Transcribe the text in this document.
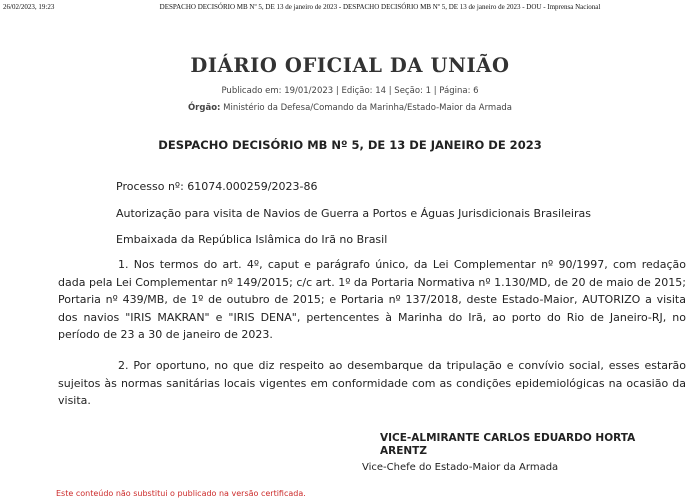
26/02/2023, 19:23	DESPACHO DECISÓRIO MB Nº 5, DE 13 de janeiro de 2023 - DESPACHO DECISÓRIO MB Nº 5, DE 13 de janeiro de 2023 - DOU - Imprensa Nacional
DIÁRIO OFICIAL DA UNIÃO
Publicado em: 19/01/2023 | Edição: 14 | Seção: 1 | Página: 6
Órgão: Ministério da Defesa/Comando da Marinha/Estado-Maior da Armada
DESPACHO DECISÓRIO MB Nº 5, DE 13 DE JANEIRO DE 2023
Processo nº: 61074.000259/2023-86
Autorização para visita de Navios de Guerra a Portos e Águas Jurisdicionais Brasileiras
Embaixada da República Islâmica do Irã no Brasil
1. Nos termos do art. 4º, caput e parágrafo único, da Lei Complementar nº 90/1997, com redação dada pela Lei Complementar nº 149/2015; c/c art. 1º da Portaria Normativa nº 1.130/MD, de 20 de maio de 2015; Portaria nº 439/MB, de 1º de outubro de 2015; e Portaria nº 137/2018, deste Estado-Maior, AUTORIZO a visita dos navios "IRIS MAKRAN" e "IRIS DENA", pertencentes à Marinha do Irã, ao porto do Rio de Janeiro-RJ, no período de 23 a 30 de janeiro de 2023.
2. Por oportuno, no que diz respeito ao desembarque da tripulação e convívio social, esses estarão sujeitos às normas sanitárias locais vigentes em conformidade com as condições epidemiológicas na ocasião da visita.
VICE-ALMIRANTE CARLOS EDUARDO HORTA ARENTZ
Vice-Chefe do Estado-Maior da Armada
Este conteúdo não substitui o publicado na versão certificada.
